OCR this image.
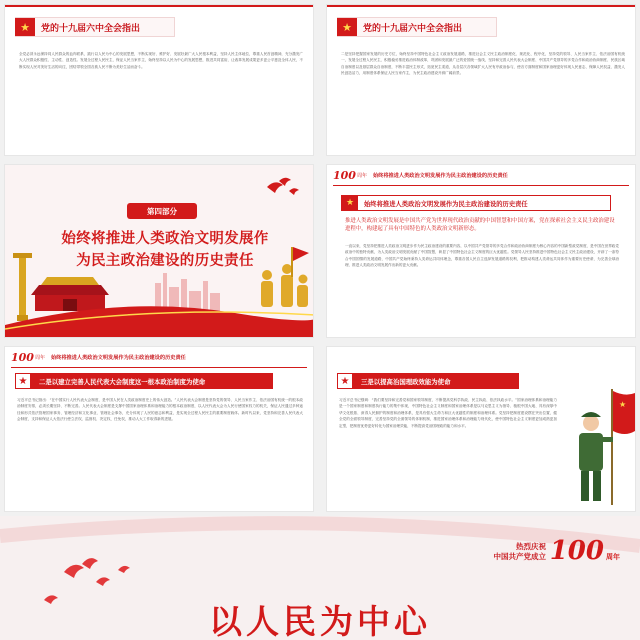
★	党的十九届六中全会指出
全党必须永远保持同人民群众的血肉联系，践行以人民为中心的发展思想，不断实现好、维护好、发展好最广大人民根本利益，坚持人民主体地位，尊重人民首创精神，充分激发广大人民群众积极性、主动性、创造性。发展全过程人民民主，保证人民当家作主，始终坚持以人民为中心的发展思想，推进共同富裕，让改革发展成果更多更公平惠及全体人民，不断实现人民对美好生活的向往，团结带领全国各族人民不断为美好生活而奋斗。
★	党的十九届六中全会指出
二是坚持把握国家发展的历史方位，始终坚持中国特色社会主义政治发展道路，推进社会主义民主政治制度化、规范化、程序化，坚持党的领导、人民当家作主、依法治国有机统一，发展全过程人民民主，积极稳妥推进政治体制改革，巩固和发展最广泛的爱国统一战线，坚持和完善人民代表大会制度、中国共产党领导的多党合作和政治协商制度、民族区域自治制度以及基层群众自治制度，不断丰富民主形式，拓宽民主渠道，从各层次各领域扩大人民有序政治参与，使各方面制度和国家治理更好体现人民意志、保障人民权益、激发人民创造活力，用制度体系保证人民当家作主，为民主政治建设开辟广阔前景。
第四部分
始终将推进人类政治文明发展作
为民主政治建设的历史责任
100 周年 始终将推进人类政治文明发展作为民主政治建设的历史责任
★	始终将推进人类政治文明发展作为民主政治建设的历史责任
推进人类政治文明发展是中国共产党为世界现代政治贡献的中国智慧和中国方案，党在探索社会主义民主政治建设进程中，构建起了具有中国特色的人类政治文明新形态。
一直以来，党坚持把推进人类政治文明进步作为民主政治建设的重要内容，以中国共产党领导的多党合作和政治协商制度为核心内容的中国新型政党制度，是中国在世界政党政治中的独特贡献，为人类政治文明发展贡献了中国智慧，彰显了中国特色社会主义制度的巨大优越性。党领导人民坚持推进中国特色社会主义民主政治建设，开辟了一条符合中国国情的发展道路，中国共产党始终秉持人类命运共同体理念，尊重各国人民自主选择发展道路的权利，把推动构建人类命运共同体作为重要历史使命，为完善全球治理、推进人类政治文明发展作出新的更大贡献。
100 周年 始终将推进人类政治文明发展作为民主政治建设的历史责任
★	二是以建立完善人民代表大会制度这一根本政治制度为使命
习近平总书记指出：“在中国实行人民代表大会制度，是中国人民在人类政治制度史上的伟大创造。”人民代表大会制度是坚持党的领导、人民当家作主、依法治国有机统一的根本政治制度安排，必须长期坚持、不断完善。人民代表大会制度是支撑中国国家治理体系和治理能力的根本政治制度，以人民代表大会为人民行使国家权力的机关，保证人民通过多种途径和形式依法管理国家事务、管理经济和文化事业、管理社会事务，充分体现了人民的意志和利益，是实现全过程人民民主的重要制度载体。新时代以来，党坚持和完善人民代表大会制度，支持和保证人大依法行使立法权、监督权、决定权、任免权，推动人大工作取得新的进展。
★	三是以提高治国理政效能为使命
习近平总书记强调：“我们要坚持和完善党和国家领导制度，不断提高党科学执政、民主执政、依法执政水平。”国家治理体系和治理能力是一个国家制度和制度执行能力的集中体现，中国特色社会主义制度和国家治理体系是以马克思主义为指导、植根中国大地、具有深厚中华文化根基、深得人民拥护的制度和治理体系，是具有强大生命力和巨大优越性的制度和治理体系。党坚持把制度建设摆在突出位置，健全党的全面领导制度，完善坚持党的全面领导的体制机制，推进国家治理体系和治理能力现代化，使中国特色社会主义制度更加成熟更加定型，把制度优势更好转化为国家治理效能，不断提高党治国理政的能力和水平。
★
热烈庆祝
中国共产党成立 100 周年
以人民为中心
